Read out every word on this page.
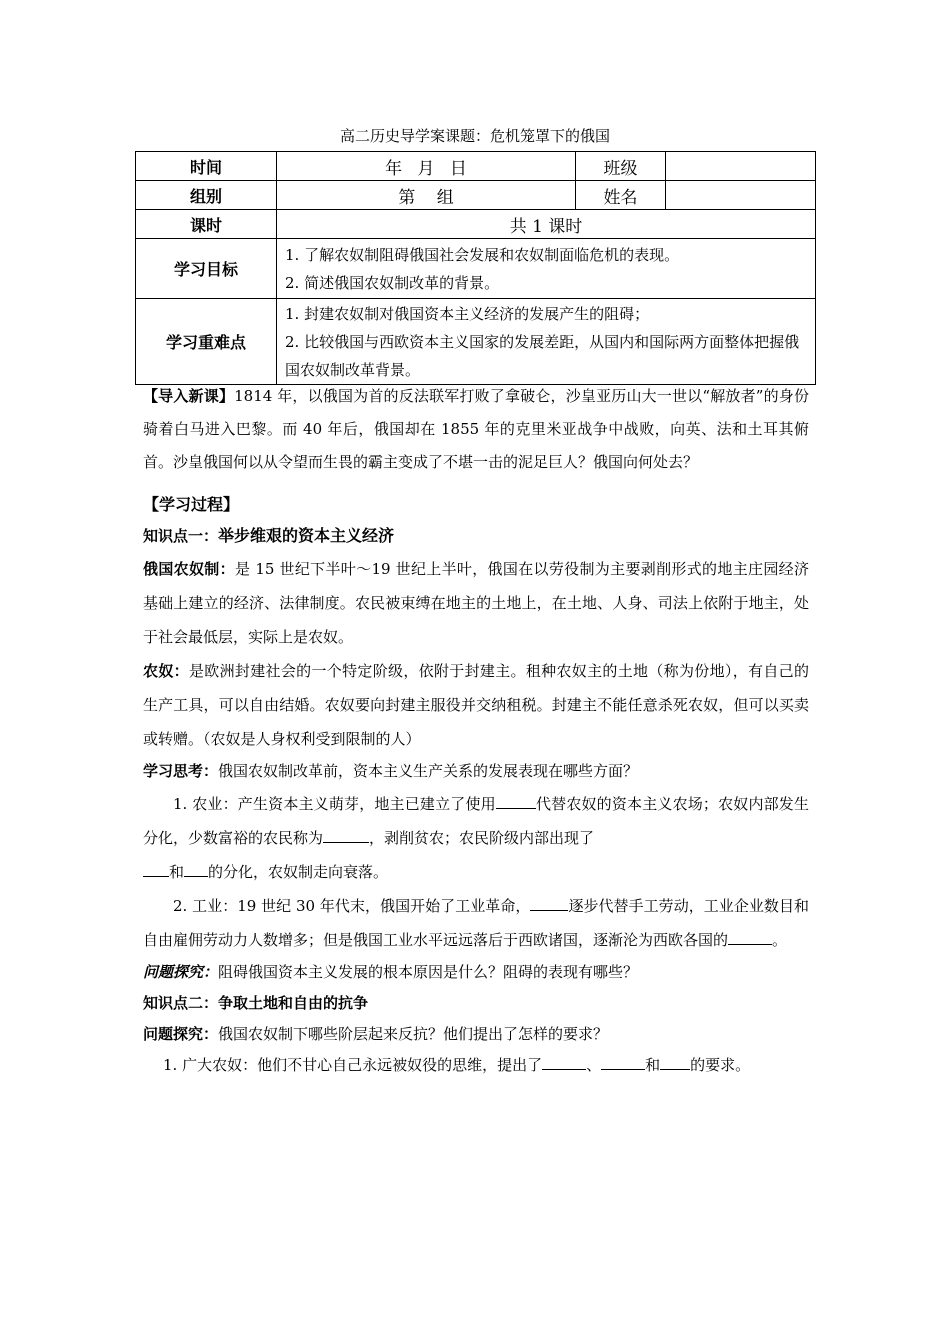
高二历史导学案课题：危机笼罩下的俄国
时间	年 月 日	班级	
组别	第 组	姓名	
课时	共 1 课时		
学习目标	1. 了解农奴制阻碍俄国社会发展和农奴制面临危机的表现。
2. 简述俄国农奴制改革的背景。		

学习重难点	1. 封建农奴制对俄国资本主义经济的发展产生的阻碍；
2. 比较俄国与西欧资本主义国家的发展差距，从国内和国际两方面整体把握俄国农奴制改革背景。		

【导入新课】1814 年，以俄国为首的反法联军打败了拿破仑，沙皇亚历山大一世以“解放者”的身份骑着白马进入巴黎。而 40 年后，俄国却在 1855 年的克里米亚战争中战败，向英、法和土耳其俯首。沙皇俄国何以从令望而生畏的霸主变成了不堪一击的泥足巨人？俄国向何处去？

【学习过程】

知识点一：举步维艰的资本主义经济

俄国农奴制：是 15 世纪下半叶～19 世纪上半叶，俄国在以劳役制为主要剥削形式的地主庄园经济基础上建立的经济、法律制度。农民被束缚在地主的土地上，在土地、人身、司法上依附于地主，处于社会最低层，实际上是农奴。

农奴：是欧洲封建社会的一个特定阶级，依附于封建主。租种农奴主的土地（称为份地），有自己的生产工具，可以自由结婚。农奴要向封建主服役并交纳租税。封建主不能任意杀死农奴，但可以买卖或转赠。（农奴是人身权利受到限制的人）

学习思考：俄国农奴制改革前，资本主义生产关系的发展表现在哪些方面？

1. 农业：产生资本主义萌芽，地主已建立了使用	代替农奴的资本主义农场；农奴内部发生分化，少数富裕的农民称为	，剥削贫农；农民阶级内部出现了
和 的分化，农奴制走向衰落。

2. 工业：19 世纪 30 年代末，俄国开始了工业革命，	逐步代替手工劳动，工业企业数目和自由雇佣劳动力人数增多；但是俄国工业水平远远落后于西欧诸国，逐渐沦为西欧各国的	。

问题探究：阻碍俄国资本主义发展的根本原因是什么？阻碍的表现有哪些？

知识点二：争取土地和自由的抗争

问题探究：俄国农奴制下哪些阶层起来反抗？他们提出了怎样的要求？

1. 广大农奴：他们不甘心自己永远被奴役的思维，提出了	、	和 的要求。
